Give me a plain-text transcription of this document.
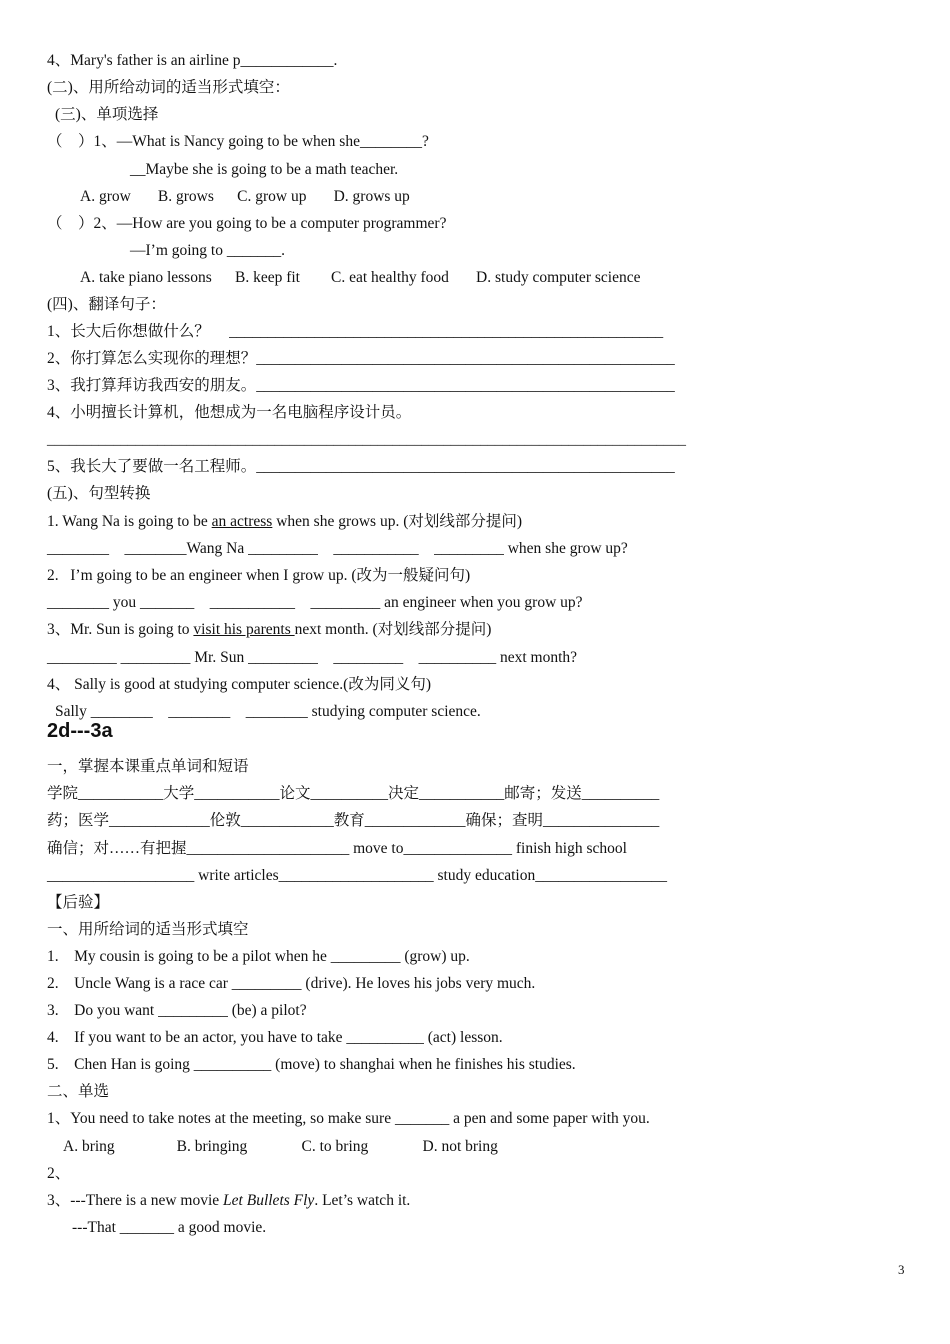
4、Mary's father is an airline p____________.
(二)、用所给动词的适当形式填空：
(三)、单项选择
（    ）1、—What is Nancy going to be when she________?
__Maybe she is going to be a math teacher.
A. grow       B. grows      C. grow up       D. grows up
（    ）2、—How are you going to be a computer programmer?
—I’m going to _______.
A. take piano lessons      B. keep fit        C. eat healthy food       D. study computer science
(四)、翻译句子：
1、长大后你想做什么？     ________________________________________________________
2、你打算怎么实现你的理想？______________________________________________________
3、我打算拜访我西安的朋友。______________________________________________________
4、小明擅长计算机，他想成为一名电脑程序设计员。
_______________________________________________________________________________________
5、我长大了要做一名工程师。______________________________________________________
(五)、句型转换
1. Wang Na is going to be an actress when she grows up. (对划线部分提问)
________    ________Wang Na _________    ___________    _________ when she grow up?
2.   I’m going to be an engineer when I grow up. (改为一般疑问句)
________ you _______    ___________    _________ an engineer when you grow up?
3、Mr. Sun is going to visit his parents next month. (对划线部分提问)
_________ _________ Mr. Sun _________    _________    __________ next month?
4、 Sally is good at studying computer science.(改为同义句)
Sally ________    ________    ________ studying computer science.
2d---3a
一，掌握本课重点单词和短语
学院___________大学___________论文__________决定___________邮寄；发送__________
药；医学_____________伦敦____________教育_____________确保；查明_______________
确信；对……有把握_____________________ move to______________ finish high school
___________________ write articles____________________ study education_________________
【后验】
一、用所给词的适当形式填空
1.    My cousin is going to be a pilot when he _________ (grow) up.
2.    Uncle Wang is a race car _________ (drive). He loves his jobs very much.
3.    Do you want _________ (be) a pilot?
4.    If you want to be an actor, you have to take __________ (act) lesson.
5.    Chen Han is going __________ (move) to shanghai when he finishes his studies.
二、单选
1、You need to take notes at the meeting, so make sure _______ a pen and some paper with you.
A. bring                B. bringing              C. to bring              D. not bring
2、
3、---There is a new movie Let Bullets Fly. Let’s watch it.
---That _______ a good movie.
3
